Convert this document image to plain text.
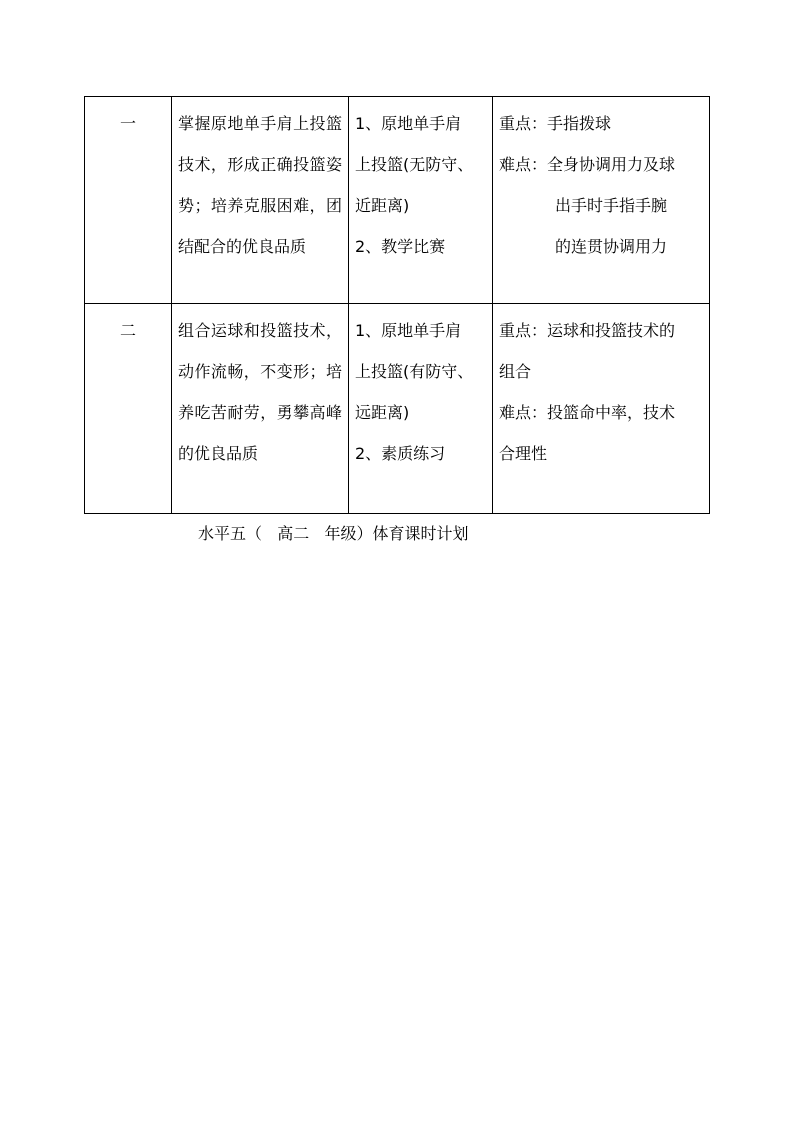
一	掌握原地单手肩上投篮技术，形成正确投篮姿势；培养克服困难，团结配合的优良品质	1、原地单手肩
上投篮(无防守、
近距离)
2、教学比赛	重点：手指拨球
难点：全身协调用力及球
出手时手指手腕
的连贯协调用力

二	组合运球和投篮技术，动作流畅，不变形；培养吃苦耐劳，勇攀高峰的优良品质	1、原地单手肩
上投篮(有防守、
远距离)
2、素质练习	重点：运球和投篮技术的
组合
难点：投篮命中率，技术
合理性
水平五（   高二   年级）体育课时计划
